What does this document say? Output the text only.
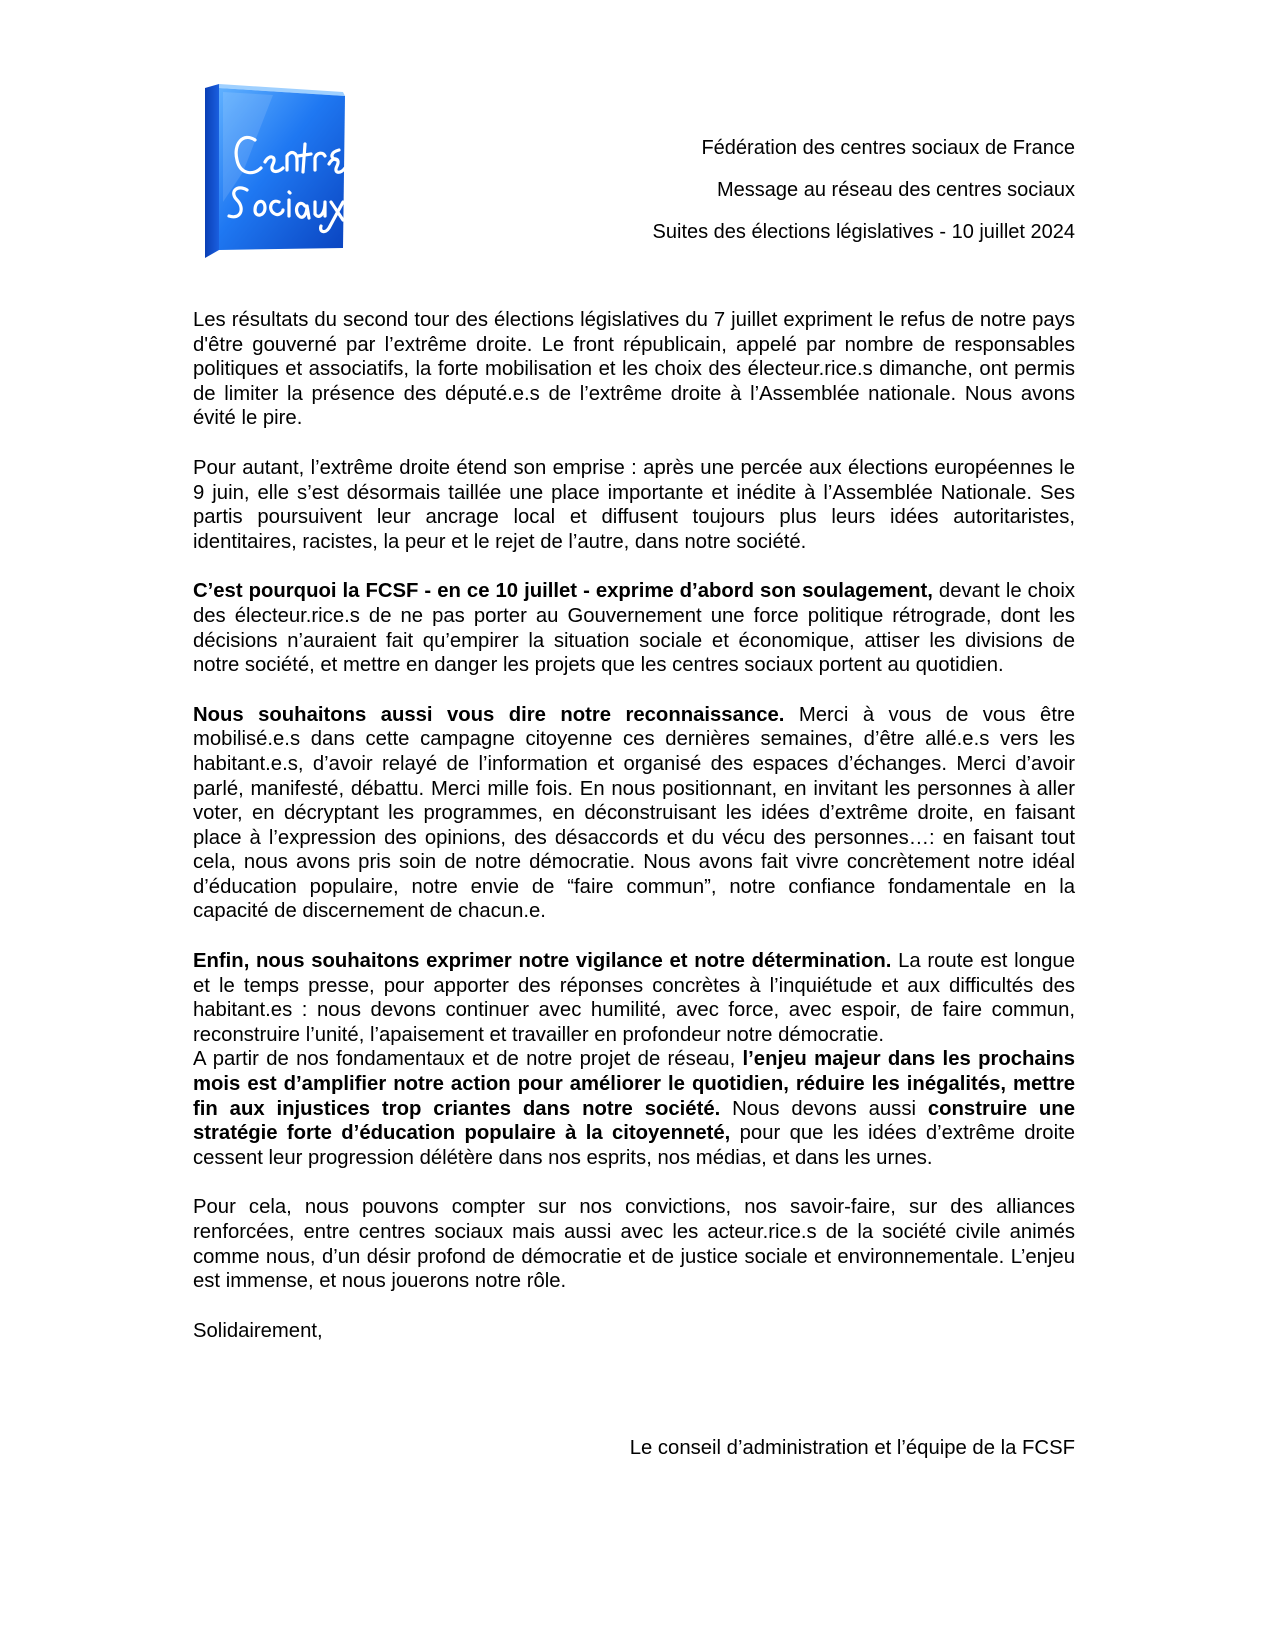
Fédération des centres sociaux de France
Message au réseau des centres sociaux
Suites des élections législatives - 10 juillet 2024

Les résultats du second tour des élections législatives du 7 juillet expriment le refus de notre pays d'être gouverné par l’extrême droite. Le front républicain, appelé par nombre de responsables politiques et associatifs, la forte mobilisation et les choix des électeur.rice.s dimanche, ont permis de limiter la présence des député.e.s de l’extrême droite à l’Assemblée nationale. Nous avons évité le pire.

Pour autant, l’extrême droite étend son emprise : après une percée aux élections européennes le 9 juin, elle s’est désormais taillée une place importante et inédite à l’Assemblée Nationale. Ses partis poursuivent leur ancrage local et diffusent toujours plus leurs idées autoritaristes, identitaires, racistes, la peur et le rejet de l’autre, dans notre société.

C’est pourquoi la FCSF - en ce 10 juillet - exprime d’abord son soulagement, devant le choix des électeur.rice.s de ne pas porter au Gouvernement une force politique rétrograde, dont les décisions n’auraient fait qu’empirer la situation sociale et économique, attiser les divisions de notre société, et mettre en danger les projets que les centres sociaux portent au quotidien.

Nous souhaitons aussi vous dire notre reconnaissance. Merci à vous de vous être mobilisé.e.s dans cette campagne citoyenne ces dernières semaines, d’être allé.e.s vers les habitant.e.s, d’avoir relayé de l’information et organisé des espaces d’échanges. Merci d’avoir parlé, manifesté, débattu. Merci mille fois. En nous positionnant, en invitant les personnes à aller voter, en décryptant les programmes, en déconstruisant les idées d’extrême droite, en faisant place à l’expression des opinions, des désaccords et du vécu des personnes…: en faisant tout cela, nous avons pris soin de notre démocratie. Nous avons fait vivre concrètement notre idéal d’éducation populaire, notre envie de “faire commun”, notre confiance fondamentale en la capacité de discernement de chacun.e.

Enfin, nous souhaitons exprimer notre vigilance et notre détermination. La route est longue et le temps presse, pour apporter des réponses concrètes à l’inquiétude et aux difficultés des habitant.es : nous devons continuer avec humilité, avec force, avec espoir, de faire commun, reconstruire l’unité, l’apaisement et travailler en profondeur notre démocratie.

A partir de nos fondamentaux et de notre projet de réseau, l’enjeu majeur dans les prochains mois est d’amplifier notre action pour améliorer le quotidien, réduire les inégalités, mettre fin aux injustices trop criantes dans notre société. Nous devons aussi construire une stratégie forte d’éducation populaire à la citoyenneté, pour que les idées d’extrême droite cessent leur progression délétère dans nos esprits, nos médias, et dans les urnes.

Pour cela, nous pouvons compter sur nos convictions, nos savoir-faire, sur des alliances renforcées, entre centres sociaux mais aussi avec les acteur.rice.s de la société civile animés comme nous, d’un désir profond de démocratie et de justice sociale et environnementale. L’enjeu est immense, et nous jouerons notre rôle.

Solidairement,

Le conseil d’administration et l’équipe de la FCSF
